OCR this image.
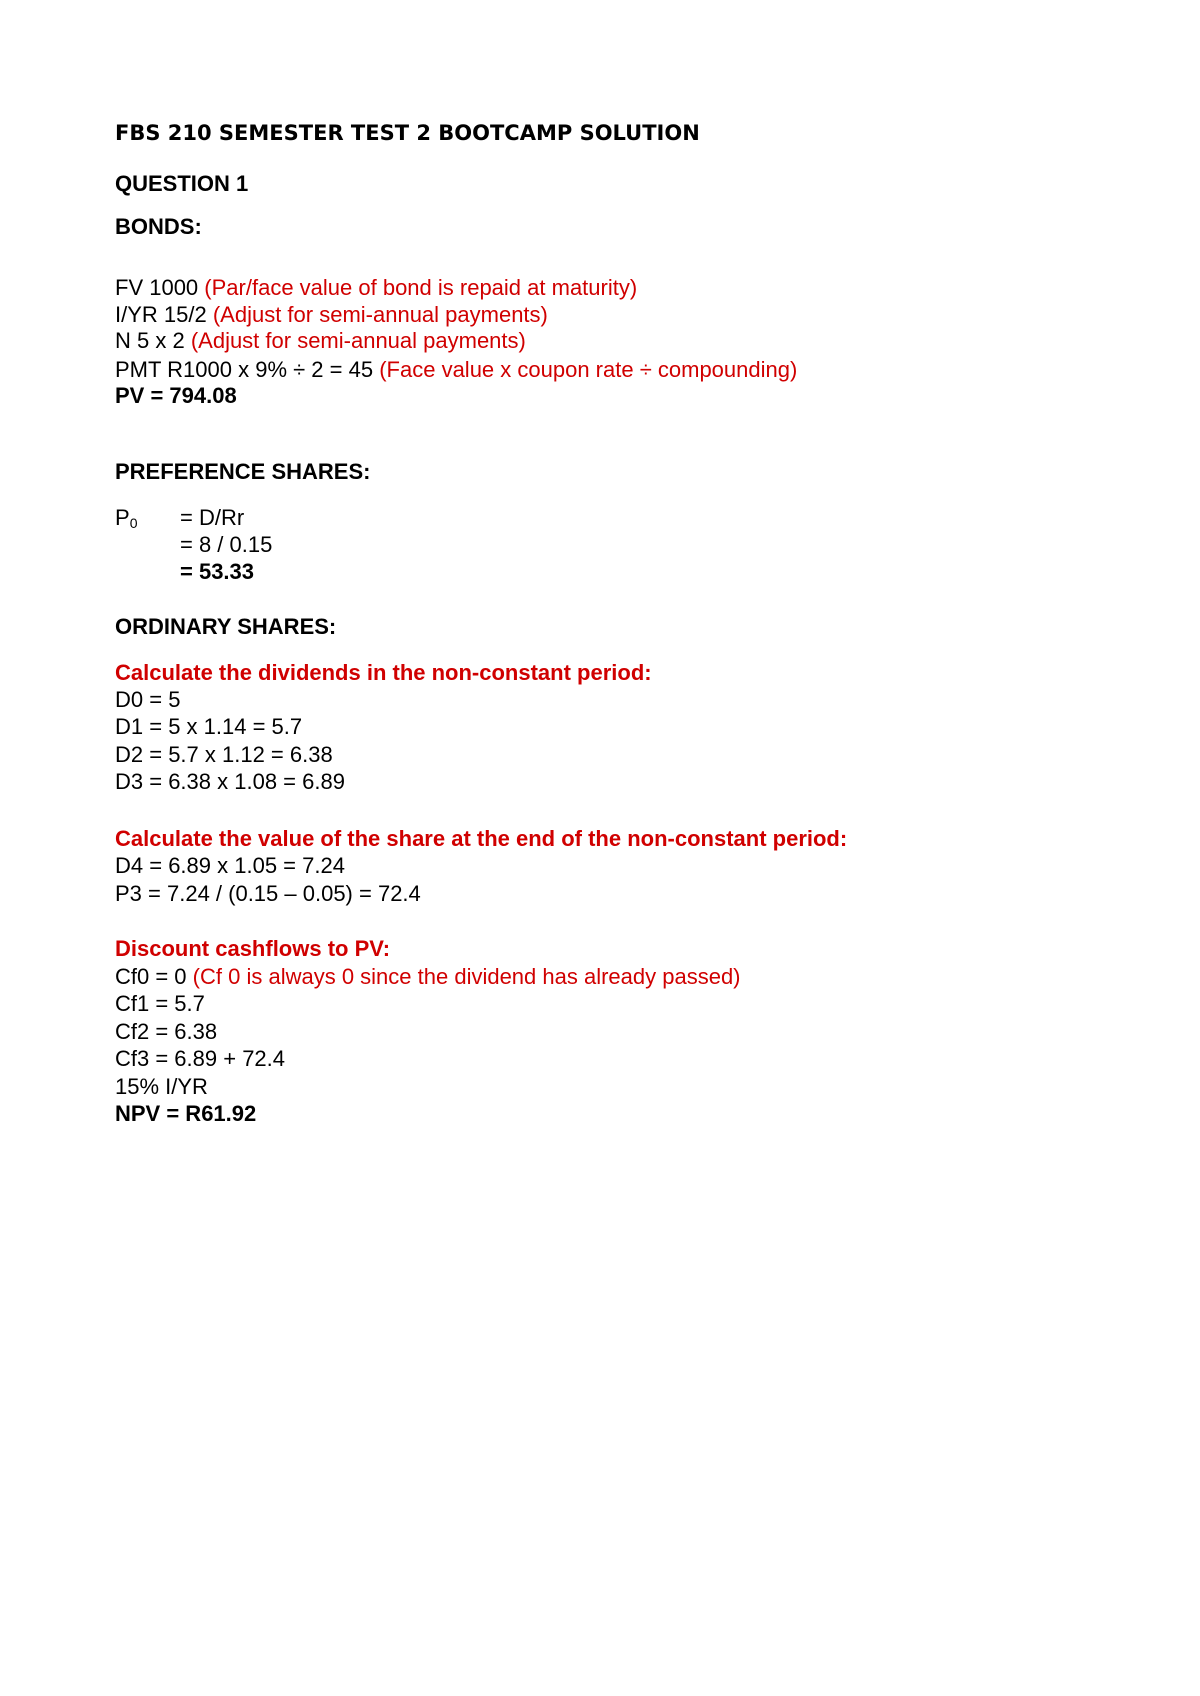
FBS 210 SEMESTER TEST 2 BOOTCAMP SOLUTION
QUESTION 1
BONDS:
FV 1000 (Par/face value of bond is repaid at maturity)
I/YR 15/2 (Adjust for semi-annual payments)
N 5 x 2 (Adjust for semi-annual payments)
PMT R1000 x 9% ÷ 2 = 45 (Face value x coupon rate ÷ compounding)
PV = 794.08
PREFERENCE SHARES:
$P_0 = D/Rr$
= 8 / 0.15
= 53.33
ORDINARY SHARES:
Calculate the dividends in the non-constant period:
D0 = 5
D1 = 5 x 1.14 = 5.7
D2 = 5.7 x 1.12 = 6.38
D3 = 6.38 x 1.08 = 6.89
Calculate the value of the share at the end of the non-constant period:
D4 = 6.89 x 1.05 = 7.24
P3 = 7.24 / (0.15 – 0.05) = 72.4
Discount cashflows to PV:
Cf0 = 0 (Cf 0 is always 0 since the dividend has already passed)
Cf1 = 5.7
Cf2 = 6.38
Cf3 = 6.89 + 72.4
15% I/YR
NPV = R61.92
